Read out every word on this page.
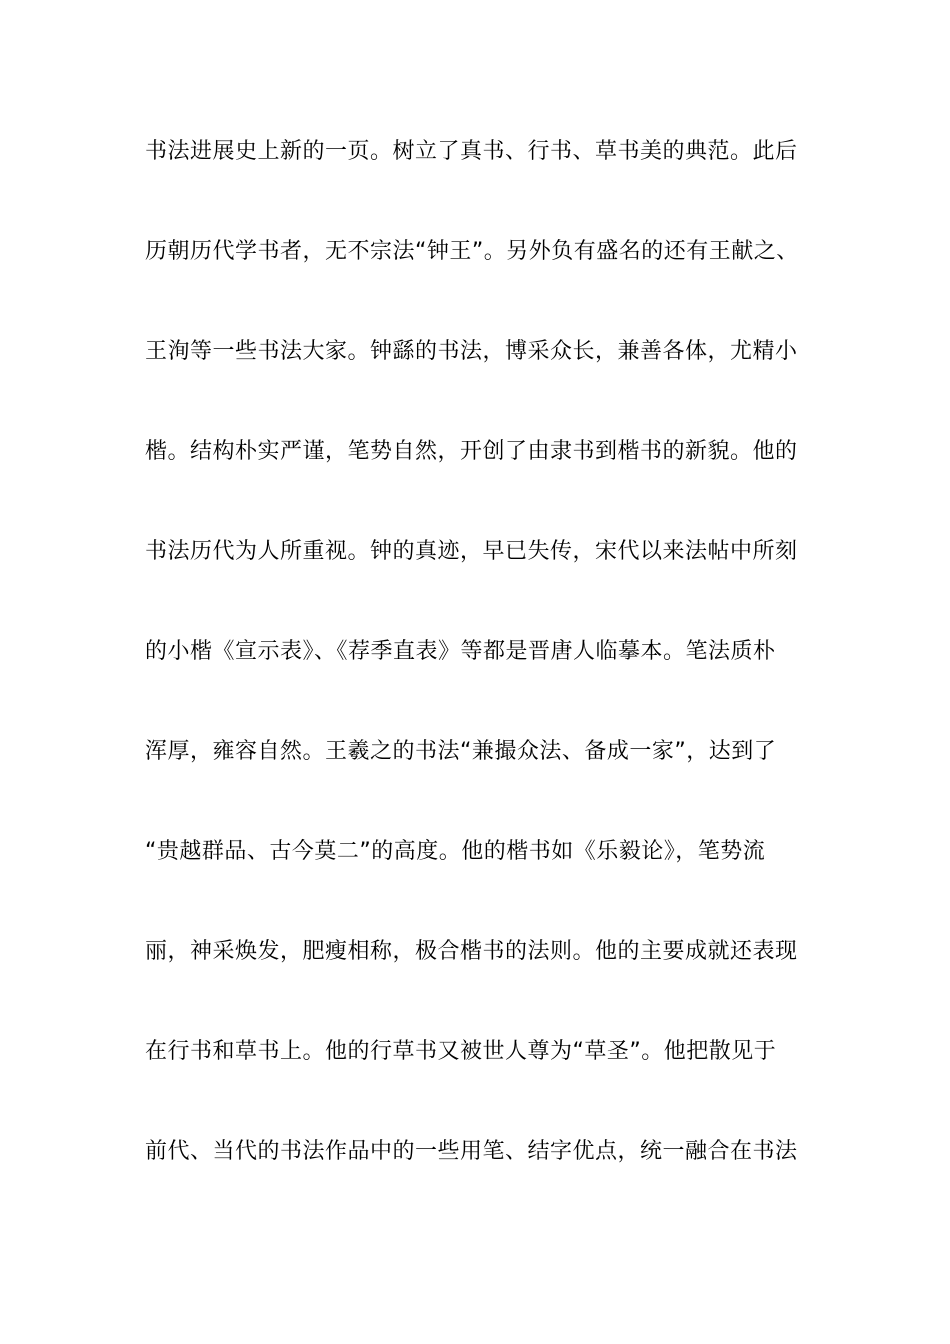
书法进展史上新的一页。树立了真书、行书、草书美的典范。此后
历朝历代学书者，无不宗法“钟王”。另外负有盛名的还有王献之、
王洵等一些书法大家。钟繇的书法，博采众长，兼善各体，尤精小
楷。结构朴实严谨，笔势自然，开创了由隶书到楷书的新貌。他的
书法历代为人所重视。钟的真迹，早已失传，宋代以来法帖中所刻
的小楷《宣示表》、《荐季直表》等都是晋唐人临摹本。笔法质朴
浑厚，雍容自然。王羲之的书法“兼撮众法、备成一家”，达到了
“贵越群品、古今莫二”的高度。他的楷书如《乐毅论》，笔势流
丽，神采焕发，肥瘦相称，极合楷书的法则。他的主要成就还表现
在行书和草书上。他的行草书又被世人尊为“草圣”。他把散见于
前代、当代的书法作品中的一些用笔、结字优点，统一融合在书法
